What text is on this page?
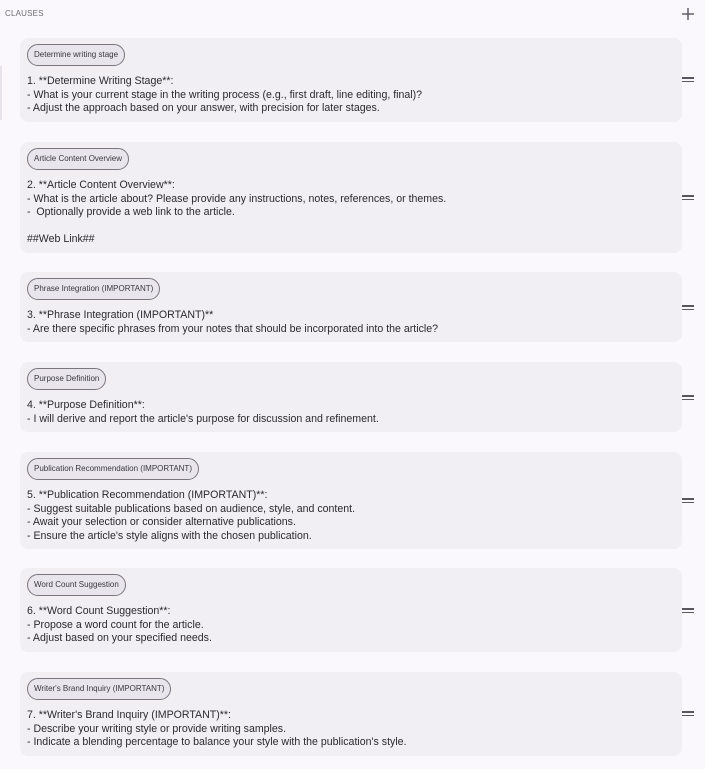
CLAUSES
Determine writing stage

1. **Determine Writing Stage**:
- What is your current stage in the writing process (e.g., first draft, line editing, final)?
- Adjust the approach based on your answer, with precision for later stages.

Article Content Overview

2. **Article Content Overview**:
- What is the article about? Please provide any instructions, notes, references, or themes.
-  Optionally provide a web link to the article.

##Web Link##

Phrase Integration (IMPORTANT)

3. **Phrase Integration (IMPORTANT)**
- Are there specific phrases from your notes that should be incorporated into the article?

Purpose Definition

4. **Purpose Definition**:
- I will derive and report the article's purpose for discussion and refinement.

Publication Recommendation (IMPORTANT)

5. **Publication Recommendation (IMPORTANT)**:
- Suggest suitable publications based on audience, style, and content.
- Await your selection or consider alternative publications.
- Ensure the article's style aligns with the chosen publication.

Word Count Suggestion

6. **Word Count Suggestion**:
- Propose a word count for the article.
- Adjust based on your specified needs.

Writer's Brand Inquiry (IMPORTANT)

7. **Writer's Brand Inquiry (IMPORTANT)**:
- Describe your writing style or provide writing samples.
- Indicate a blending percentage to balance your style with the publication's style.
